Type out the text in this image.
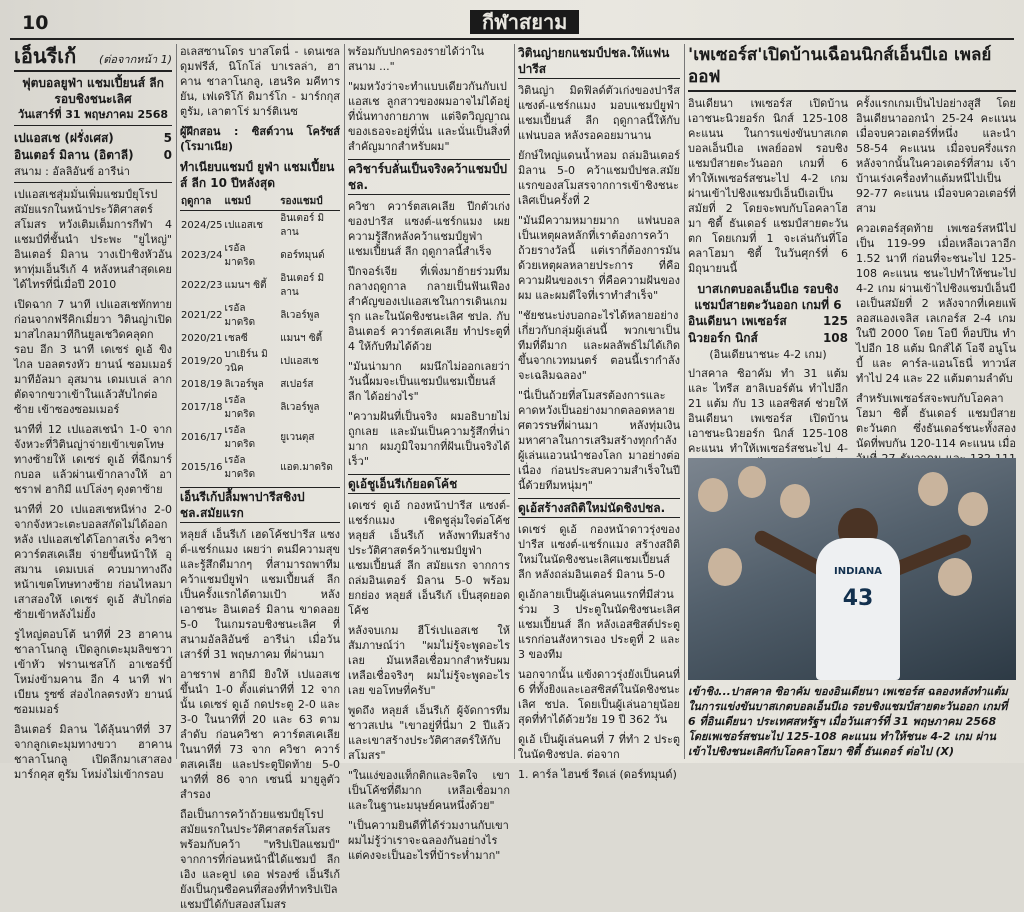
10	กีฬาสยาม
เอ็นรีเก้ (ต่อจากหน้า 1)
ฟุตบอลยูฟ่า แชมเปี้ยนส์ ลีก รอบชิงชนะเลิศ
วันเสาร์ที่ 31 พฤษภาคม 2568
เปแอสเช (ฝรั่งเศส)	5
อินเตอร์ มิลาน (อิตาลี)	0
สนาม : อัลลิอันซ์ อารีน่า

เปแอสเชสุ่มมั่นเพิ่มแชมป์ยุโรปสมัยแรกในหน้าประวัติศาสตร์สโมสร หวังเติมเต็มการกีฬา 4 แชมป์ที่ชั้นนำ ประพะ "ยูไหญ่" อินเตอร์ มิลาน วางเป้าชิงหัวอันหาทุ่มเอ็นรีเก้ 4 หลังหนสำสุดเคยได้ไทรที่นี่เมื่อปี 2010

เปิดฉาก 7 นาที เปแอสเชทักทายก่อนจากฟรีคิกเมี่ยวา วิตินญ่าเปิดมาสไกลมาทีกินยูลเชวิดคลุดกรอบ อีก 3 นาที เดเซร่ ดูเอ้ ขิงไกล บอลตรงหัว ยานน์ ซอมเมอร์ มาทีอัลมา อุสมาน เดมเบเล่ ลากตัดจากขวาเข้าในแล้วสับไกต่อซ้าย เข้าซองซอมเมอร์

นาทีที่ 12 เปแอสเชนำ 1-0 จากจังหวะที่วิตินญ่าจ่ายเข้าเขตโทษทางซ้ายให้ เดเซร่ ดูเอ้ ที่ฉีกมาร์กบอล แล้วผ่านเข้ากลางให้ อาชราฟ ฮากิมี แปโล่งๆ ดุงตาซ้าย

นาทีที่ 20 เปแอสเชหนีห่าง 2-0 จากจังหวะเตะบอลสกัดไม่ได้ออกหลัง เปแอสเชได้โอกาสเริ่ง ควิชา ควาร์ตสเคเลีย จ่ายขึ้นหน้าให้ อุสมาน เดมเบเล่ ควบมาทางถึงหน้าเขตโทษทางซ้าย ก่อนไหลมาเสาสองให้ เดเซร่ ดูเอ้ สับไกต่อซ้ายเข้าหลังไม่ยั้ง

รูไหญ่ตอบโต้ นาทีที่ 23 ฮาคาน ชาลาโนกลู เปิดลูกเตะมุมลิขชวาเข้าหัว ฟรานเชสโก้ อาเชอร์บี้ โหม่งข้ามคาน อีก 4 นาที ฟาเบียน รูซซ์ ส่องไกลตรงหัว ยานน์ ซอมเมอร์

อินเตอร์ มิลาน ได้ลุ้นนาทีที่ 37 จากลูกเตะมุมทางขวา ฮาคาน ชาลาโนกลู เปิดลีกมาเสาสอง มาร์กคุส ตูรัม โหม่งไม่เข้ากรอบ

อเลสซานโดร บาสโตนี่ - เดนเซล ดุมฟรีส์, นิโกโล่ บาเรลล่า, ฮาคาน ชาลาโนกลู, เฮนริค มคีทารยัน, เฟเดริโก้ ดิมาร์โก - มาร์กกุส ตูรัม, เลาตาโร่ มาร์ติเนซ

ผู้ฝึกสอน : ซิสต์วาน โครัซส์ (โรมาเนีย)

ทำเนียบแชมป์ ยูฟ่า แชมเปี้ยนส์ ลีก 10 ปีหลังสุด
ฤดูกาล	แชมป์	รองแชมป์
2024/25	เปแอสเช	อินเตอร์ มิลาน
2023/24	เรอัล มาดริด	ดอร์ทมุนด์
2022/23	แมนฯ ซิตี้	อินเตอร์ มิลาน
2021/22	เรอัล มาดริด	ลิเวอร์พูล
2020/21	เชลซี	แมนฯ ซิตี้
2019/20	บาเยิร์น มิวนิค	เปแอสเช
2018/19	ลิเวอร์พูล	สเปอร์ส
2017/18	เรอัล มาดริด	ลิเวอร์พูล
2016/17	เรอัล มาดริด	ยูเวนตุส
2015/16	เรอัล มาดริด	แอต.มาดริด
เอ็นรีเก้ปลื้มพาปารีสชิงปชล.สมัยแรก

หลุยส์ เอ็นรีเก้ เฮดโค้ชปารีส แซงต์-แชร์กแมง เผยว่า ตนมีความสุขและรู้สึกดีมากๆ ที่สามารถพาทีมคว้าแชมป์ยูฟ่า แชมเปี้ยนส์ ลีก เป็นครั้งแรกได้ตามเป้า หลังเอาชนะ อินเตอร์ มิลาน ขาดลอย 5-0 ในเกมรอบชิงชนะเลิศ ที่สนามอัลลิอันซ์ อารีน่า เมื่อวันเสาร์ที่ 31 พฤษภาคม ที่ผ่านมา

อาชราฟ ฮากิมี ยิงให้ เปแอสเช ขึ้นนำ 1-0 ตั้งแต่นาทีที่ 12 จากนั้น เดเซร่ ดูเอ้ กดประตู 2-0 และ 3-0 ในนาทีที่ 20 และ 63 ตามลำดับ ก่อนควิชา ควาร์ตสเคเลีย ในนาทีที่ 73 จาก ควิชา ควาร์ตสเคเลีย และประตูปิดท้าย 5-0 นาทีที่ 86 จาก เซนนี่ มายูลูตัวสำรอง

ถือเป็นการคว้าถ้วยแชมป์ยุโรปสมัยแรกในประวัติศาสตร์สโมสร พร้อมกับคว้า "ทริปเปิลแชมป์" จากการที่ก่อนหน้านี้ได้แชมป์ ลีก เอิง และคูป เดอ ฟรองซ์ เอ็นรีเก้ยังเป็นกุนซือคนที่สองที่ทำทริปเปิลแชมป์ได้กับสองสโมสร

พร้อมกับปกครองรายได้ว่าในสนาม ..."

"ผมหวังว่าจะทำแบบเดียวกันกับเปแอสเช ลูกสาวของผมอาจไม่ได้อยู่ที่นั่นทางกายภาพ แต่จิตวิญญาณของเธอจะอยู่ที่นั่น และนั่นเป็นสิ่งที่สำคัญมากสำหรับผม"

ควิชาร์บลั่นเป็นจริงคว้าแชมป์ปชล.

ควิชา ควาร์ตสเคเลีย ปีกตัวเก่งของปารีส แซงต์-แชร์กแมง เผยความรู้สึกหลังคว้าแชมป์ยูฟ่า แชมเปี้ยนส์ ลีก ฤดูกาลนี้สำเร็จ

ปีกจอร์เจีย ที่เพิ่งมาย้ายร่วมทีมกลางฤดูกาล กลายเป็นฟันเฟืองสำคัญของเปแอสเชในการเดินเกมรุก และในนัดชิงชนะเลิศ ชปล. กับอินเตอร์ ควาร์ตสเคเลีย ทำประตูที่ 4 ให้กับทีมได้ด้วย

"มันน่ามาก ผมนึกไม่ออกเลยว่า วันนี้ผมจะเป็นแชมป์แชมเปี้ยนส์ ลีก ได้อย่างไร"

"ความฝันที่เป็นจริง ผมอธิบายไม่ถูกเลย และมันเป็นความรู้สึกที่น่ามาก ผมภูมิใจมากที่ฝันเป็นจริงได้เร็ว"

ดูเอ้ชูเอ็นรีเก้ยอดโค้ช

เดเซร่ ดูเอ้ กองหน้าปารีส แซงต์-แชร์กแมง เชิดชูลุ่มใจต่อโค้ชหลุยส์ เอ็นรีเก้ หลังพาทีมสร้างประวัติศาสตร์คว้าแชมป์ยูฟ่า แชมเปี้ยนส์ ลีก สมัยแรก จากการถล่มอินเตอร์ มิลาน 5-0 พร้อมยกย่อง หลุยส์ เอ็นรีเก้ เป็นสุดยอดโค้ช

หลังจบเกม ฮีโร่เปแอสเช ให้สัมภาษณ์ว่า "ผมไม่รู้จะพูดอะไรเลย มันเหลือเชื่อมากสำหรับผม เหลือเชื่อจริงๆ ผมไม่รู้จะพูดอะไรเลย ขอโทษที่ครับ"

พูดถึง หลุยส์ เอ็นรีเก้ ผู้จัดการทีมชาวสเปน "เขาอยู่ที่นี่มา 2 ปีแล้ว และเขาสร้างประวัติศาสตร์ให้กับสโมสร"

"ในแง่ของแท็กติกและจิตใจ เขาเป็นโค้ชที่ดีมาก เหลือเชื่อมาก และในฐานะมนุษย์คนหนึ่งด้วย"

"เป็นความยินดีที่ได้ร่วมงานกับเขา ผมไม่รู้ว่าเราจะฉลองกันอย่างไร แต่คงจะเป็นอะไรที่บ้าระห่ำมาก"

วิตินญ่ายกแชมป์ปชล.ให้แฟนปารีส

วิตินญ่า มิดฟิลด์ตัวเก่งของปารีส แซงต์-แชร์กแมง มอบแชมป์ยูฟ่า แชมเปี้ยนส์ ลีก ฤดูกาลนี้ให้กับแฟนบอล หลังรอคอยมานาน

ยักษ์ใหญ่แดนน้ำหอม ถล่มอินเตอร์ มิลาน 5-0 คว้าแชมป์ปชล.สมัยแรกของสโมสรจากการเข้าชิงชนะเลิศเป็นครั้งที่ 2

"มันมีความหมายมาก แฟนบอลเป็นเหตุผลหลักที่เราต้องการคว้าถ้วยรางวัลนี้ แต่เรากี่ต้องการมันด้วยเหตุผลหลายประการ ที่คือความฝันของเรา ที่คือความฝันของผม และผมดีใจที่เราทำสำเร็จ"

"ชัยชนะบ่งบอกอะไรได้หลายอย่างเกี่ยวกับกลุ่มผู้เล่นนี้ พวกเขาเป็นทีมที่ดีมาก และผลลัพธ์ไม่ได้เกิดขึ้นจากเวทมนตร์ ตอนนี้เรากำลังจะเฉลิมฉลอง"

"นี่เป็นถ้วยที่สโมสรต้องการและคาดหวังเป็นอย่างมากตลอดหลายศตวรรษที่ผ่านมา หลังทุ่มเงินมหาศาลในการเสริมสร้างทุกกำลังผู้เล่นแอวนนำชองโลก มาอย่างต่อเนื่อง ก่อนประสบความสำเร็จในปีนี้ด้วยทีมหนุ่มๆ"

ดูเอ้สร้างสถิติใหม่นัดชิงปชล.

เดเซร่ ดูเอ้ กองหน้าดาวรุ่งของปารีส แซงต์-แชร์กแมง สร้างสถิติใหม่ในนัดชิงชนะเลิศแชมเปี้ยนส์ ลีก หลังถล่มอินเตอร์ มิลาน 5-0

ดูเอ้กลายเป็นผู้เล่นคนแรกที่มีส่วนร่วม 3 ประตูในนัดชิงชนะเลิศแชมเปี้ยนส์ ลีก หลังเอสซิสต์ประตูแรกก่อนสังหารเอง ประตูที่ 2 และ 3 ของทีม

นอกจากนั้น แข้งดาวรุ่งยังเป็นคนที่ 6 ที่ทั้งยิงและเอสซิสต์ในนัดชิงชนะเลิศ ชปล. โดยเป็นผู้เล่นอายุน้อยสุดที่ทำได้ด้วยวัย 19 ปี 362 วัน

ดูเอ้ เป็นผู้เล่นคนที่ 7 ที่ทำ 2 ประตูในนัดชิงชปล. ต่อจาก

1. คาร์ล ไฮนซ์ รีดเล่ (ดอร์ทมุนด์)

'เพเซอร์ส'เปิดบ้านเฉือนนิกส์เอ็นบีเอ เพลย์ออฟ

อินเดียนา เพเซอร์ส เปิดบ้านเอาชนะนิวยอร์ก นิกส์ 125-108 คะแนน ในการแข่งขันบาสเกตบอลเอ็นบีเอ เพลย์ออฟ รอบชิงแชมป์สายตะวันออก เกมที่ 6 ทำให้เพเซอร์สชนะไป 4-2 เกม ผ่านเข้าไปชิงแชมป์เอ็นบีเอเป็นสมัยที่ 2 โดยจะพบกับโอคลาโฮมา ซิตี้ ธันเดอร์ แชมป์สายตะวันตก โดยเกมที่ 1 จะเล่นกันที่โอคลาโฮมา ซิตี้ ในวันศุกร์ที่ 6 มิถุนายนนี้

บาสเกตบอลเอ็นบีเอ รอบชิงแชมป์สายตะวันออก เกมที่ 6
อินเดียนา เพเซอร์ส	125
นิวยอร์ก นิกส์	108
(อินเดียนาชนะ 4-2 เกม)

ปาสคาล ซิอาคัม ทำ 31 แต้ม และ ไทรีส ฮาลิเบอร์ตัน ทำไปอีก 21 แต้ม กับ 13 แอสซิสต์ ช่วยให้อินเดียนา เพเซอร์ส เปิดบ้านเอาชนะนิวยอร์ก นิกส์ 125-108 คะแนน ทำให้เพเซอร์สชนะไป 4-

ครั้งแรกเกมเป็นไปอย่างสูสี โดยอินเดียนาออกนำ 25-24 คะแนน เมื่อจบควอเตอร์ที่หนึ่ง และนำ 58-54 คะแนน เมื่อจบครึ่งแรก หลังจากนั้นในควอเตอร์ที่สาม เจ้าบ้านเร่งเครื่องทำแต้มหนีไปเป็น 92-77 คะแนน เมื่อจบควอเตอร์ที่สาม

ควอเตอร์สุดท้าย เพเซอร์สหนีไปเป็น 119-99 เมื่อเหลือเวลาอีก 1.52 นาที ก่อนที่จะชนะไป 125-108 คะแนน ชนะไปทำให้ชนะไป 4-2 เกม ผ่านเข้าไปชิงแชมป์เอ็นบีเอเป็นสมัยที่ 2 หลังจากที่เคยแพ้ลอสแองเจลิส เลเกอร์ส 2-4 เกม ในปี 2000 โดย โอบี ท็อปปิน ทำไปอีก 18 แต้ม นิกส์ได้ โอจี อนูโนบี้ และ คาร์ล-แอนโธนี่ ทาวน์ส ทำไป 24 และ 22 แต้มตามลำดับ

สำหรับเพเซอร์สจะพบกับโอคลาโฮมา ซิตี้ ธันเดอร์ แชมป์สายตะวันตก ซึ่งธันเดอร์ชนะทั้งสองนัดที่พบกัน 120-114 คะแนน เมื่อ

INDIANA
43
เข้าชิง...ปาสคาล ซิอาคัม ของอินเดียนา เพเซอร์ส ฉลองหลังทำแต้ม ในการแข่งขันบาสเกตบอลเอ็นบีเอ รอบชิงแชมป์สายตะวันออก เกมที่ 6 ที่อินเดียนา ประเทศสหรัฐฯ เมื่อวันเสาร์ที่ 31 พฤษภาคม 2568 โดยเพเซอร์สชนะไป 125-108 คะแนน ทำให้ชนะ 4-2 เกม ผ่านเข้าไปชิงชนะเลิศกับโอคลาโฮมา ซิตี้ ธันเดอร์ ต่อไป (X)
